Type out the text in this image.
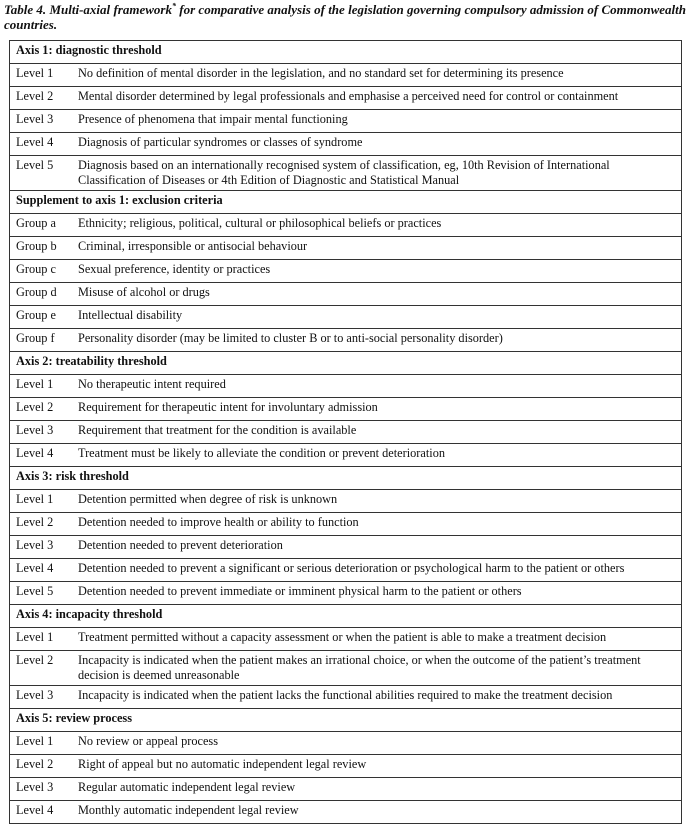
Table 4. Multi-axial framework* for comparative analysis of the legislation governing compulsory admission of Commonwealth countries.
Axis 1: diagnostic threshold	
Level 1	No definition of mental disorder in the legislation, and no standard set for determining its presence
Level 2	Mental disorder determined by legal professionals and emphasise a perceived need for control or containment
Level 3	Presence of phenomena that impair mental functioning
Level 4	Diagnosis of particular syndromes or classes of syndrome
Level 5	Diagnosis based on an internationally recognised system of classification, eg, 10th Revision of International Classification of Diseases or 4th Edition of Diagnostic and Statistical Manual
Supplement to axis 1: exclusion criteria	
Group a	Ethnicity; religious, political, cultural or philosophical beliefs or practices
Group b	Criminal, irresponsible or antisocial behaviour
Group c	Sexual preference, identity or practices
Group d	Misuse of alcohol or drugs
Group e	Intellectual disability
Group f	Personality disorder (may be limited to cluster B or to anti-social personality disorder)
Axis 2: treatability threshold	
Level 1	No therapeutic intent required
Level 2	Requirement for therapeutic intent for involuntary admission
Level 3	Requirement that treatment for the condition is available
Level 4	Treatment must be likely to alleviate the condition or prevent deterioration
Axis 3: risk threshold	
Level 1	Detention permitted when degree of risk is unknown
Level 2	Detention needed to improve health or ability to function
Level 3	Detention needed to prevent deterioration
Level 4	Detention needed to prevent a significant or serious deterioration or psychological harm to the patient or others
Level 5	Detention needed to prevent immediate or imminent physical harm to the patient or others
Axis 4: incapacity threshold	
Level 1	Treatment permitted without a capacity assessment or when the patient is able to make a treatment decision
Level 2	Incapacity is indicated when the patient makes an irrational choice, or when the outcome of the patient’s treatment decision is deemed unreasonable
Level 3	Incapacity is indicated when the patient lacks the functional abilities required to make the treatment decision
Axis 5: review process	
Level 1	No review or appeal process
Level 2	Right of appeal but no automatic independent legal review
Level 3	Regular automatic independent legal review
Level 4	Monthly automatic independent legal review
